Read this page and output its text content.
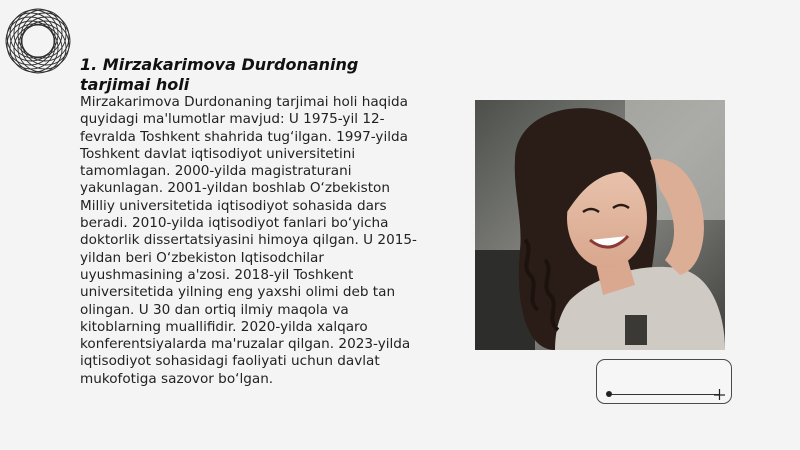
1. Mirzakarimova Durdonaning tarjimai holi
Mirzakarimova Durdonaning tarjimai holi haqida quyidagi ma'lumotlar mavjud: U 1975-yil 12-fevralda Toshkent shahrida tug‘ilgan. 1997-yilda Toshkent davlat iqtisodiyot universitetini tamomlagan. 2000-yilda magistraturani yakunlagan. 2001-yildan boshlab O‘zbekiston Milliy universitetida iqtisodiyot sohasida dars beradi. 2010-yilda iqtisodiyot fanlari bo‘yicha doktorlik dissertatsiyasini himoya qilgan. U 2015-yildan beri O‘zbekiston Iqtisodchilar uyushmasining a'zosi. 2018-yil Toshkent universitetida yilning eng yaxshi olimi deb tan olingan. U 30 dan ortiq ilmiy maqola va kitoblarning muallifidir. 2020-yilda xalqaro konferentsiyalarda ma'ruzalar qilgan. 2023-yilda iqtisodiyot sohasidagi faoliyati uchun davlat mukofotiga sazovor bo‘lgan.
